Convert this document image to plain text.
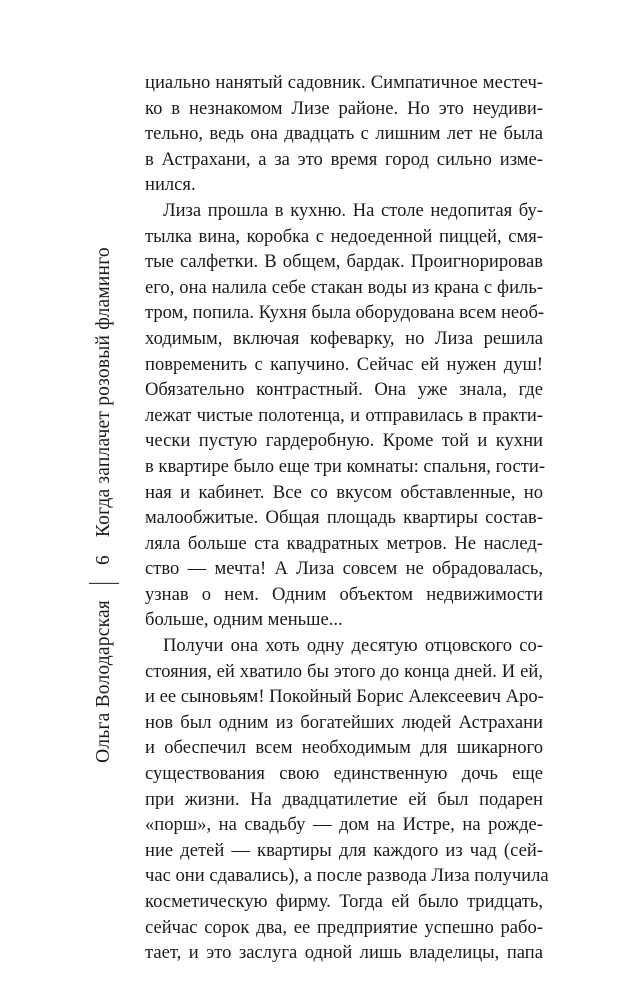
Ольга Володарская
6
Когда заплачет розовый фламинго
циально нанятый садовник. Симпатичное местеч-
ко в незнакомом Лизе районе. Но это неудиви-
тельно, ведь она двадцать с лишним лет не была
в Астрахани, а за это время город сильно изме-
нился.
Лиза прошла в кухню. На столе недопитая бу-
тылка вина, коробка с недоеденной пиццей, смя-
тые салфетки. В общем, бардак. Проигнорировав
его, она налила себе стакан воды из крана с филь-
тром, попила. Кухня была оборудована всем необ-
ходимым, включая кофеварку, но Лиза решила
повременить с капучино. Сейчас ей нужен душ!
Обязательно контрастный. Она уже знала, где
лежат чистые полотенца, и отправилась в практи-
чески пустую гардеробную. Кроме той и кухни
в квартире было еще три комнаты: спальня, гости-
ная и кабинет. Все со вкусом обставленные, но
малообжитые. Общая площадь квартиры состав-
ляла больше ста квадратных метров. Не наслед-
ство — мечта! А Лиза совсем не обрадовалась,
узнав о нем. Одним объектом недвижимости
больше, одним меньше...
Получи она хоть одну десятую отцовского со-
стояния, ей хватило бы этого до конца дней. И ей,
и ее сыновьям! Покойный Борис Алексеевич Аро-
нов был одним из богатейших людей Астрахани
и обеспечил всем необходимым для шикарного
существования свою единственную дочь еще
при жизни. На двадцатилетие ей был подарен
«порш», на свадьбу — дом на Истре, на рожде-
ние детей — квартиры для каждого из чад (сей-
час они сдавались), а после развода Лиза получила
косметическую фирму. Тогда ей было тридцать,
сейчас сорок два, ее предприятие успешно рабо-
тает, и это заслуга одной лишь владелицы, папа
